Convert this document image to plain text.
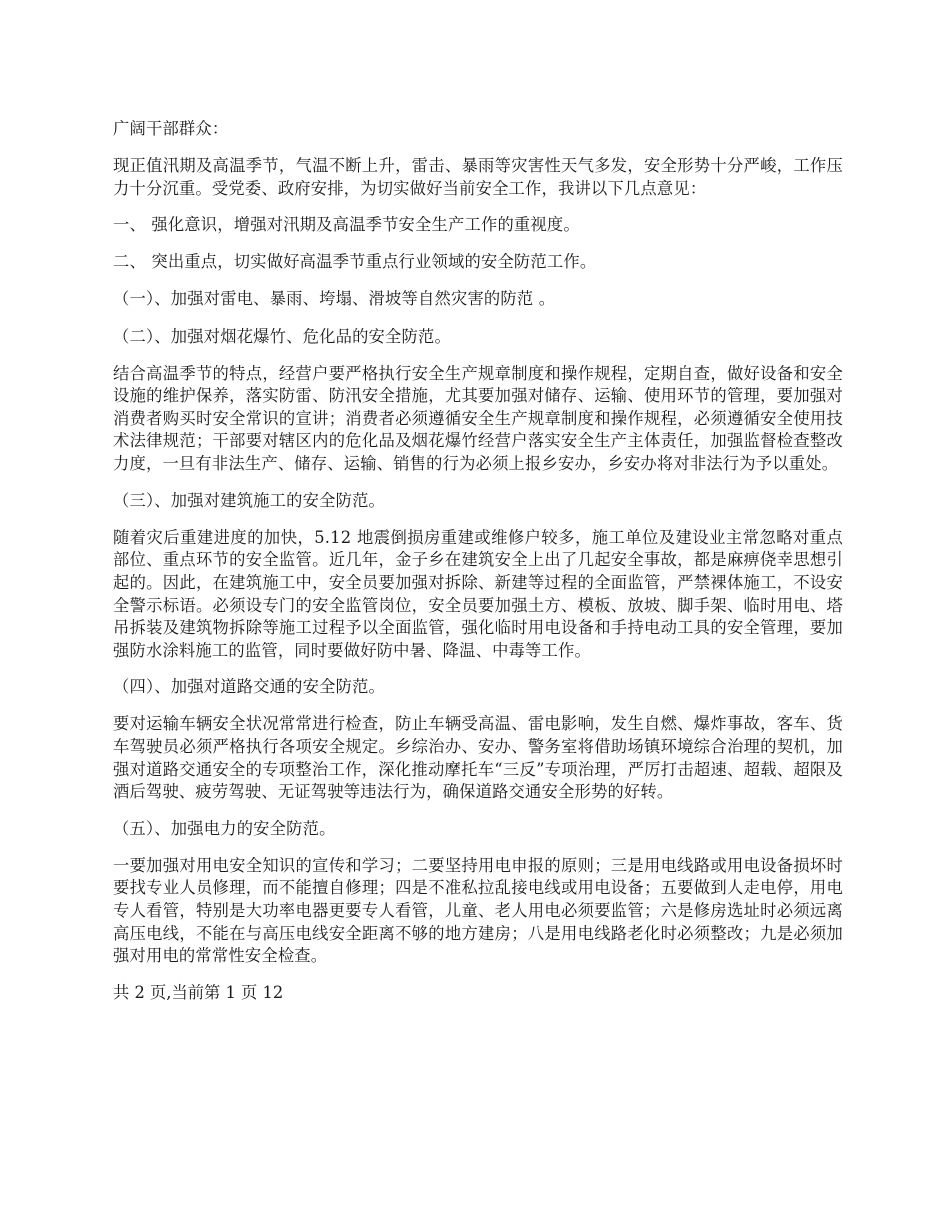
广阔干部群众：

现正值汛期及高温季节，气温不断上升，雷击、暴雨等灾害性天气多发，安全形势十分严峻，工作压力十分沉重。受党委、政府安排，为切实做好当前安全工作，我讲以下几点意见：

一、 强化意识，增强对汛期及高温季节安全生产工作的重视度。

二、 突出重点，切实做好高温季节重点行业领域的安全防范工作。

（一）、加强对雷电、暴雨、垮塌、滑坡等自然灾害的防范 。

（二）、加强对烟花爆竹、危化品的安全防范。

结合高温季节的特点，经营户要严格执行安全生产规章制度和操作规程，定期自查，做好设备和安全设施的维护保养，落实防雷、防汛安全措施，尤其要加强对储存、运输、使用环节的管理，要加强对消费者购买时安全常识的宣讲；消费者必须遵循安全生产规章制度和操作规程，必须遵循安全使用技术法律规范；干部要对辖区内的危化品及烟花爆竹经营户落实安全生产主体责任，加强监督检查整改力度，一旦有非法生产、储存、运输、销售的行为必须上报乡安办，乡安办将对非法行为予以重处。

（三）、加强对建筑施工的安全防范。

随着灾后重建进度的加快，5.12 地震倒损房重建或维修户较多，施工单位及建设业主常忽略对重点部位、重点环节的安全监管。近几年，金子乡在建筑安全上出了几起安全事故，都是麻痹侥幸思想引起的。因此，在建筑施工中，安全员要加强对拆除、新建等过程的全面监管，严禁裸体施工，不设安全警示标语。必须设专门的安全监管岗位，安全员要加强土方、模板、放坡、脚手架、临时用电、塔吊拆装及建筑物拆除等施工过程予以全面监管，强化临时用电设备和手持电动工具的安全管理，要加强防水涂料施工的监管，同时要做好防中暑、降温、中毒等工作。

（四）、加强对道路交通的安全防范。

要对运输车辆安全状况常常进行检查，防止车辆受高温、雷电影响，发生自燃、爆炸事故，客车、货车驾驶员必须严格执行各项安全规定。乡综治办、安办、警务室将借助场镇环境综合治理的契机，加强对道路交通安全的专项整治工作，深化推动摩托车“三反”专项治理，严厉打击超速、超载、超限及酒后驾驶、疲劳驾驶、无证驾驶等违法行为，确保道路交通安全形势的好转。

（五）、加强电力的安全防范。

一要加强对用电安全知识的宣传和学习；二要坚持用电申报的原则；三是用电线路或用电设备损坏时要找专业人员修理，而不能擅自修理；四是不准私拉乱接电线或用电设备；五要做到人走电停，用电专人看管，特别是大功率电器更要专人看管，儿童、老人用电必须要监管；六是修房选址时必须远离高压电线，不能在与高压电线安全距离不够的地方建房；八是用电线路老化时必须整改；九是必须加强对用电的常常性安全检查。

共 2 页,当前第 1 页 12
